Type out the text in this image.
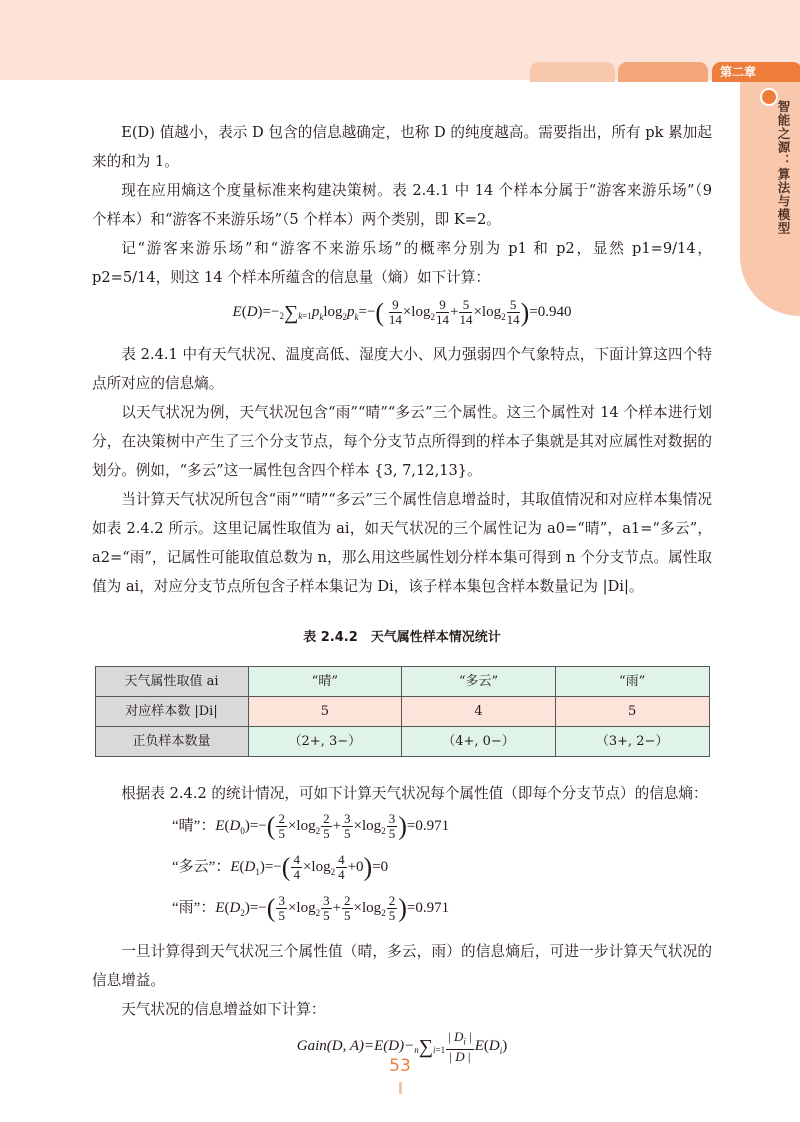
第二章
智能之源：算法与模型

E(D) 值越小，表示 D 包含的信息越确定，也称 D 的纯度越高。需要指出，所有 pk 累加起来的和为 1。

现在应用熵这个度量标准来构建决策树。表 2.4.1 中 14 个样本分属于“游客来游乐场”（9 个样本）和“游客不来游乐场”（5 个样本）两个类别，即 K=2。

记“游客来游乐场”和“游客不来游乐场”的概率分别为 p1 和 p2，显然 p1=9/14，p2=5/14，则这 14 个样本所蕴含的信息量（熵）如下计算：

$E(D)=-2\sum k=1p_k\log_2p_k=-( \frac{9}{14} \times\log_2 \frac{9}{14} + \frac{5}{14} \times\log_2 \frac{5}{14} )=0.940$

表 2.4.1 中有天气状况、温度高低、湿度大小、风力强弱四个气象特点，下面计算这四个特点所对应的信息熵。

以天气状况为例，天气状况包含“雨”“晴”“多云”三个属性。这三个属性对 14 个样本进行划分，在决策树中产生了三个分支节点，每个分支节点所得到的样本子集就是其对应属性对数据的划分。例如，“多云”这一属性包含四个样本 {3, 7,12,13}。

当计算天气状况所包含“雨”“晴”“多云”三个属性信息增益时，其取值情况和对应样本集情况如表 2.4.2 所示。这里记属性取值为 ai，如天气状况的三个属性记为 a0=“晴”，a1=“多云”，a2=“雨”，记属性可能取值总数为 n，那么用这些属性划分样本集可得到 n 个分支节点。属性取值为 ai，对应分支节点所包含子样本集记为 Di，该子样本集包含样本数量记为 |Di|。

表 2.4.2　天气属性样本情况统计
天气属性取值 ai	“晴”	“多云”	“雨”
对应样本数 |Di|	5	4	5
正负样本数量	（2+, 3−）	（4+, 0−）	（3+, 2−）

根据表 2.4.2 的统计情况，可如下计算天气状况每个属性值（即每个分支节点）的信息熵：

“晴”：$E(D_0)=-( \frac{2}{5} \times\log_2 \frac{2}{5} + \frac{3}{5} \times\log_2 \frac{3}{5} )=0.971$
“多云”：$E(D_1)=-( \frac{4}{4} \times\log_2 \frac{4}{4} +0)=0$
“雨”：$E(D_2)=-( \frac{3}{5} \times\log_2 \frac{3}{5} + \frac{2}{5} \times\log_2 \frac{2}{5} )=0.971$

一旦计算得到天气状况三个属性值（晴，多云，雨）的信息熵后，可进一步计算天气状况的信息增益。

天气状况的信息增益如下计算：

Gain(D, $A)=E(D)-n\sum i=1 \frac{| D_i |}{| D |} E(D_i)$
53
